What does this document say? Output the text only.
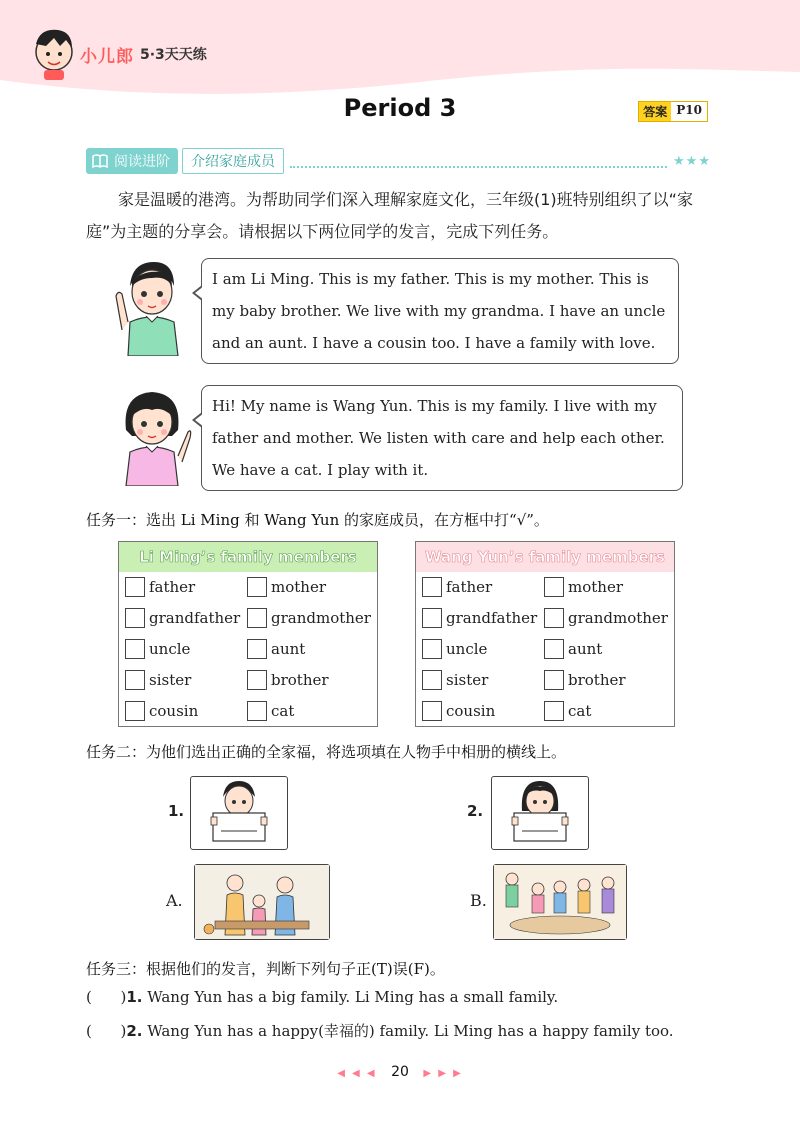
小儿郎 5·3天天练
Period 3	答案 P10
阅读进阶	介绍家庭成员	★★★
家是温暖的港湾。为帮助同学们深入理解家庭文化，三年级(1)班特别组织了以“家庭”为主题的分享会。请根据以下两位同学的发言，完成下列任务。
I am Li Ming. This is my father. This is my mother. This is my baby brother. We live with my grandma. I have an uncle and an aunt. I have a cousin too. I have a family with love.
Hi! My name is Wang Yun. This is my family. I live with my father and mother. We listen with care and help each other. We have a cat. I play with it.
任务一：选出 Li Ming 和 Wang Yun 的家庭成员，在方框中打“√”。
Li Ming’s family members
father	mother
grandfather grandmother
uncle	aunt
sister	brother
cousin	cat
Wang Yun’s family members
father	mother
grandfather grandmother
uncle	aunt
sister	brother
cousin	cat
任务二：为他们选出正确的全家福，将选项填在人物手中相册的横线上。
1.	2.
A.	B.
任务三：根据他们的发言，判断下列句子正(T)误(F)。
(      )1. Wang Yun has a big family. Li Ming has a small family.
(      )2. Wang Yun has a happy(幸福的) family. Li Ming has a happy family too.
◀ ◀ ◀ 20 ▶ ▶ ▶
